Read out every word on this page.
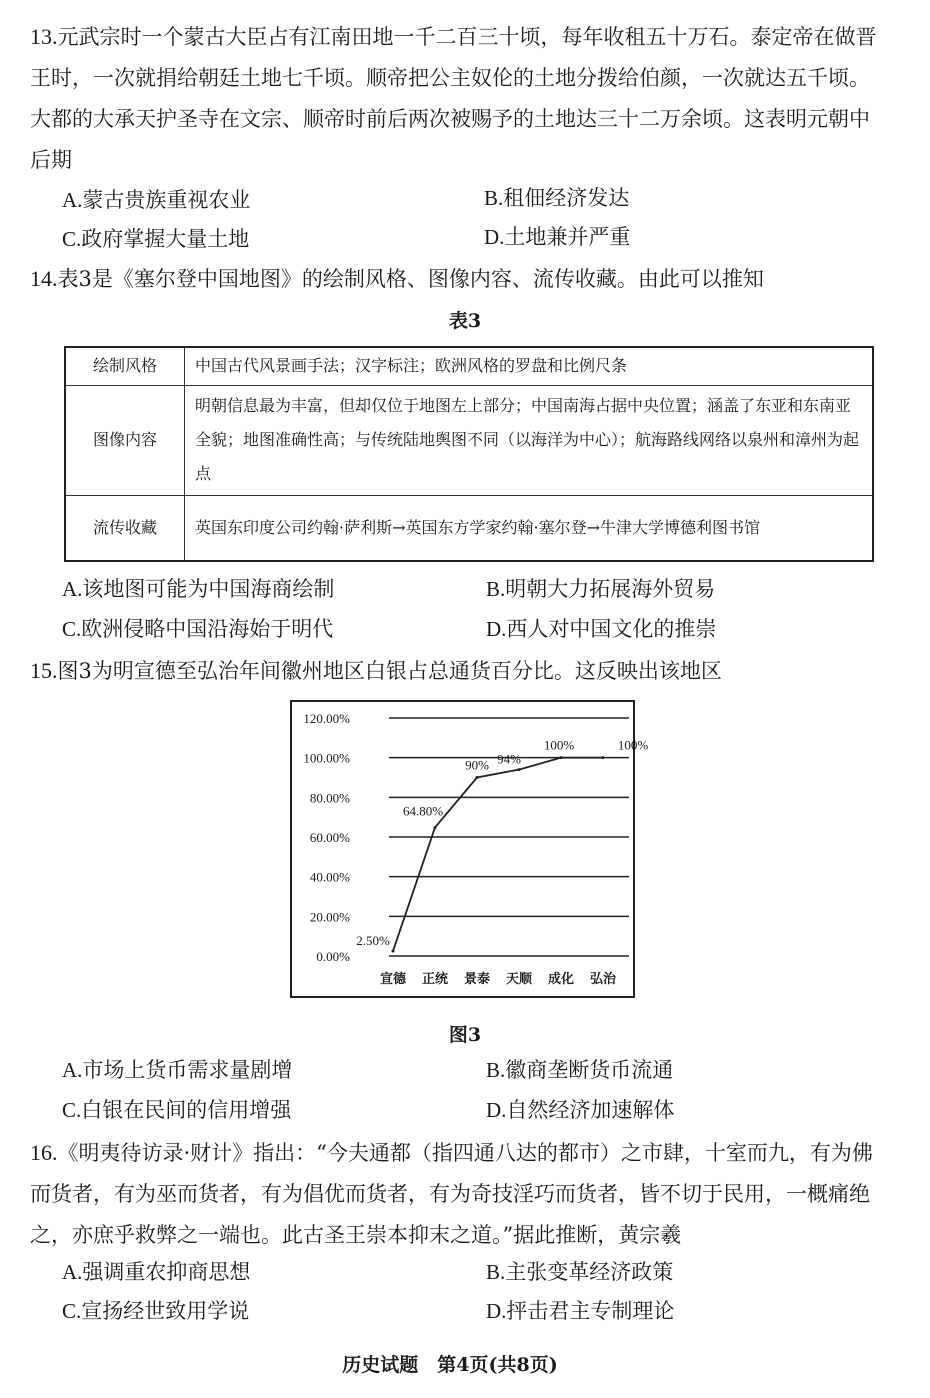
13.元武宗时一个蒙古大臣占有江南田地一千二百三十顷，每年收租五十万石。泰定帝在做晋王时，一次就捐给朝廷土地七千顷。顺帝把公主奴伦的土地分拨给伯颜，一次就达五千顷。大都的大承天护圣寺在文宗、顺帝时前后两次被赐予的土地达三十二万余顷。这表明元朝中后期
A.蒙古贵族重视农业	B.租佃经济发达
C.政府掌握大量土地	D.土地兼并严重
14.表3是《塞尔登中国地图》的绘制风格、图像内容、流传收藏。由此可以推知
表3
绘制风格	中国古代风景画手法；汉字标注；欧洲风格的罗盘和比例尺条
图像内容	明朝信息最为丰富，但却仅位于地图左上部分；中国南海占据中央位置；涵盖了东亚和东南亚全貌；地图准确性高；与传统陆地舆图不同（以海洋为中心）；航海路线网络以泉州和漳州为起点
流传收藏	英国东印度公司约翰·萨利斯→英国东方学家约翰·塞尔登→牛津大学博德利图书馆
A.该地图可能为中国海商绘制	B.明朝大力拓展海外贸易
C.欧洲侵略中国沿海始于明代	D.西人对中国文化的推崇
15.图3为明宣德至弘治年间徽州地区白银占总通货百分比。这反映出该地区
0.00%
20.00%
40.00%
60.00%
80.00%
100.00%
120.00%
宣德 正统 景泰 天顺 成化 弘治
2.50%
64.80%
90% 94%
100%	100%
图3
A.市场上货币需求量剧增	B.徽商垄断货币流通
C.白银在民间的信用增强	D.自然经济加速解体
16.《明夷待访录·财计》指出：“今夫通都（指四通八达的都市）之市肆，十室而九，有为佛而货者，有为巫而货者，有为倡优而货者，有为奇技淫巧而货者，皆不切于民用，一概痛绝之，亦庶乎救弊之一端也。此古圣王崇本抑末之道。”据此推断，黄宗羲
A.强调重农抑商思想	B.主张变革经济政策
C.宣扬经世致用学说	D.抨击君主专制理论
历史试题　第4页(共8页)
